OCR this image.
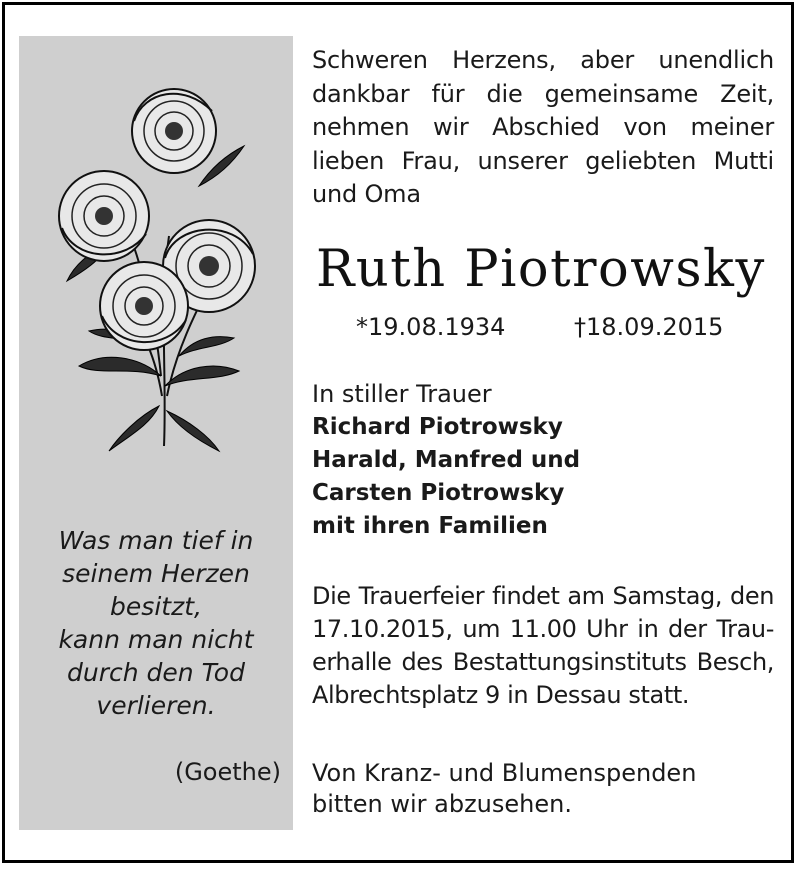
Was man tief in
seinem Herzen
besitzt,
kann man nicht
durch den Tod
verlieren.
(Goethe)
Schweren Herzens, aber unendlich
dankbar für die gemeinsame Zeit,
nehmen wir Abschied von meiner
lieben Frau, unserer geliebten Mutti
und Oma
Ruth Piotrowsky
*19.08.1934	†18.09.2015
In stiller Trauer
Richard Piotrowsky
Harald, Manfred und
Carsten Piotrowsky
mit ihren Familien
Die Trauerfeier findet am Samstag, den
17.10.2015, um 11.00 Uhr in der Trau-
erhalle des Bestattungsinstituts Besch,
Albrechtsplatz 9 in Dessau statt.
Von Kranz- und Blumenspenden
bitten wir abzusehen.
